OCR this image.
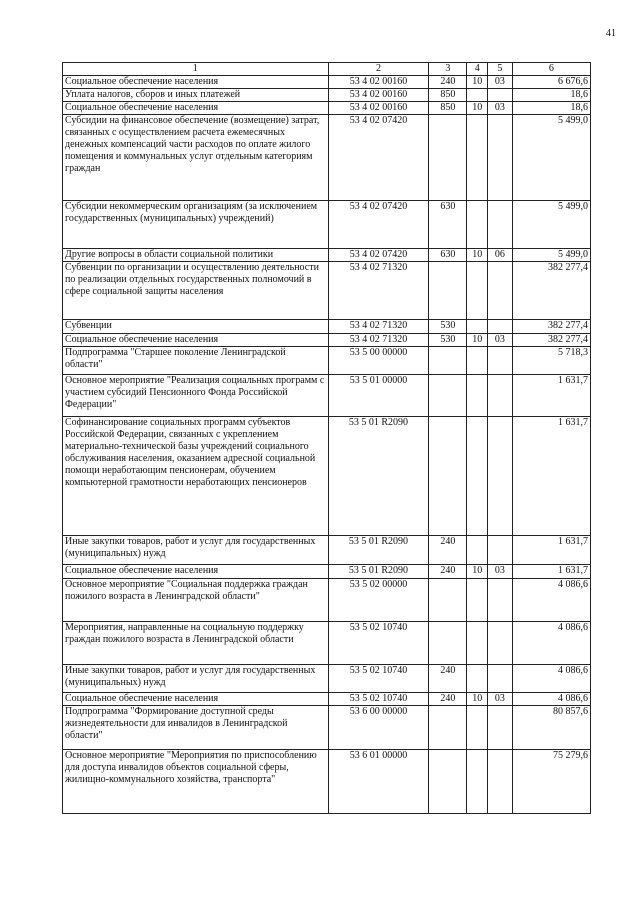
41
1	2	3	4	5	6
Социальное обеспечение населения	53 4 02 00160	240	10	03	6 676,6
Уплата налогов, сборов и иных платежей	53 4 02 00160	850			18,6
Социальное обеспечение населения	53 4 02 00160	850	10	03	18,6
Субсидии на финансовое обеспечение (возмещение) затрат, связанных с осуществлением расчета ежемесячных денежных компенсаций части расходов по оплате жилого помещения и коммунальных услуг отдельным категориям граждан	53 4 02 07420				5 499,0
Субсидии некоммерческим организациям (за исключением государственных (муниципальных) учреждений)	53 4 02 07420	630			5 499,0
Другие вопросы в области социальной политики	53 4 02 07420	630	10	06	5 499,0
Субвенции по организации и осуществлению деятельности по реализации отдельных государственных полномочий в сфере социальной защиты населения	53 4 02 71320				382 277,4
Субвенции	53 4 02 71320	530			382 277,4
Социальное обеспечение населения	53 4 02 71320	530	10	03	382 277,4
Подпрограмма "Старшее поколение Ленинградской области"	53 5 00 00000				5 718,3
Основное мероприятие "Реализация социальных программ с участием субсидий Пенсионного Фонда Российской Федерации"	53 5 01 00000				1 631,7
Софинансирование социальных программ субъектов Российской Федерации, связанных с укреплением материально-технической базы учреждений социального обслуживания населения, оказанием адресной социальной помощи неработающим пенсионерам, обучением компьютерной грамотности неработающих пенсионеров	53 5 01 R2090				1 631,7
Иные закупки товаров, работ и услуг для государственных (муниципальных) нужд	53 5 01 R2090	240			1 631,7
Социальное обеспечение населения	53 5 01 R2090	240	10	03	1 631,7
Основное мероприятие "Социальная поддержка граждан пожилого возраста в Ленинградской области"	53 5 02 00000				4 086,6
Мероприятия, направленные на социальную поддержку граждан пожилого возраста в Ленинградской области	53 5 02 10740				4 086,6
Иные закупки товаров, работ и услуг для государственных (муниципальных) нужд	53 5 02 10740	240			4 086,6
Социальное обеспечение населения	53 5 02 10740	240	10	03	4 086,6
Подпрограмма "Формирование доступной среды жизнедеятельности для инвалидов в Ленинградской области"	53 6 00 00000				80 857,6
Основное мероприятие "Мероприятия по приспособлению для доступа инвалидов объектов социальной сферы, жилищно-коммунального хозяйства, транспорта"	53 6 01 00000				75 279,6
